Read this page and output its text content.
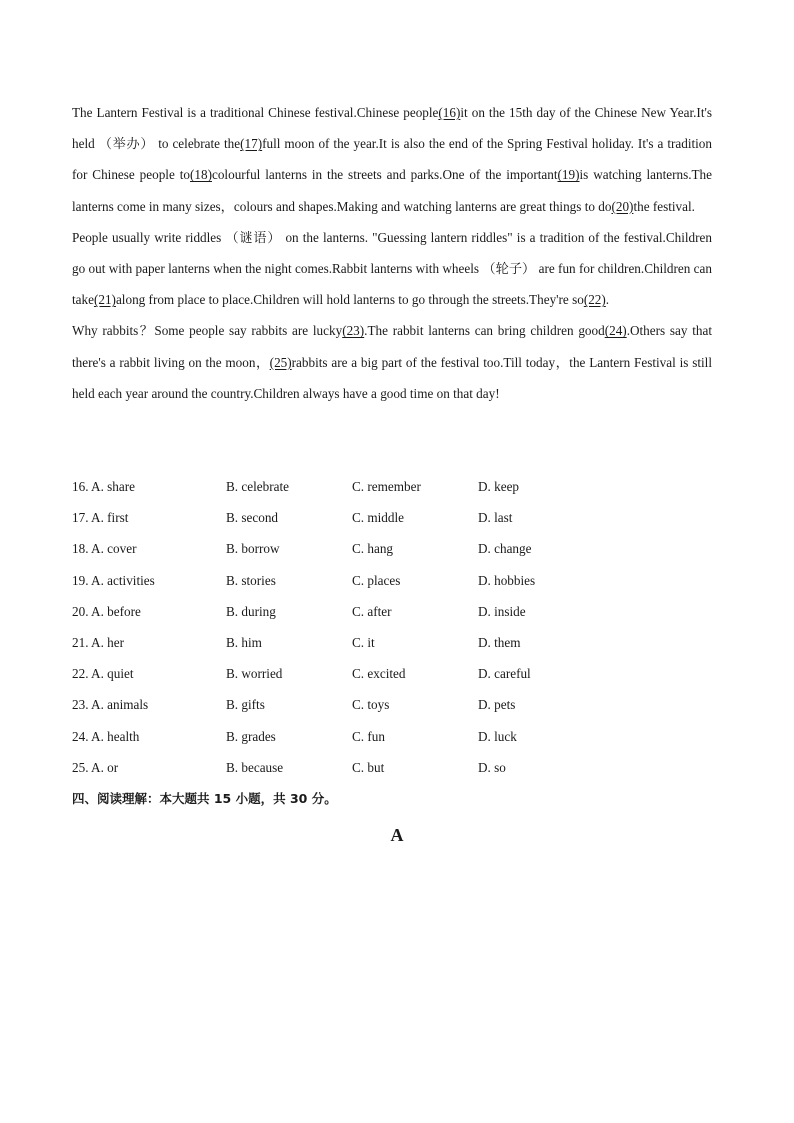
The Lantern Festival is a traditional Chinese festival.Chinese people(16)it on the 15th day of the Chinese New Year.It's held （举办） to celebrate the(17)full moon of the year.It is also the end of the Spring Festival holiday. It's a tradition for Chinese people to(18)colourful lanterns in the streets and parks.One of the important(19)is watching lanterns.The lanterns come in many sizes，colours and shapes.Making and watching lanterns are great things to do(20)the festival.

People usually write riddles （谜语） on the lanterns. "Guessing lantern riddles" is a tradition of the festival.Children go out with paper lanterns when the night comes.Rabbit lanterns with wheels （轮子） are fun for children.Children can take(21)along from place to place.Children will hold lanterns to go through the streets.They're so(22).

Why rabbits？Some people say rabbits are lucky(23).The rabbit lanterns can bring children good(24).Others say that there's a rabbit living on the moon，(25)rabbits are a big part of the festival too.Till today，the Lantern Festival is still held each year around the country.Children always have a good time on that day!

16. A. share	B. celebrate	C. remember	D. keep
17. A. first	B. second	C. middle	D. last
18. A. cover	B. borrow	C. hang	D. change
19. A. activities	B. stories	C. places	D. hobbies
20. A. before	B. during	C. after	D. inside
21. A. her	B. him	C. it	D. them
22. A. quiet	B. worried	C. excited	D. careful
23. A. animals	B. gifts	C. toys	D. pets
24. A. health	B. grades	C. fun	D. luck
25. A. or	B. because	C. but	D. so
四、阅读理解：本大题共 15 小题，共 30 分。
A
